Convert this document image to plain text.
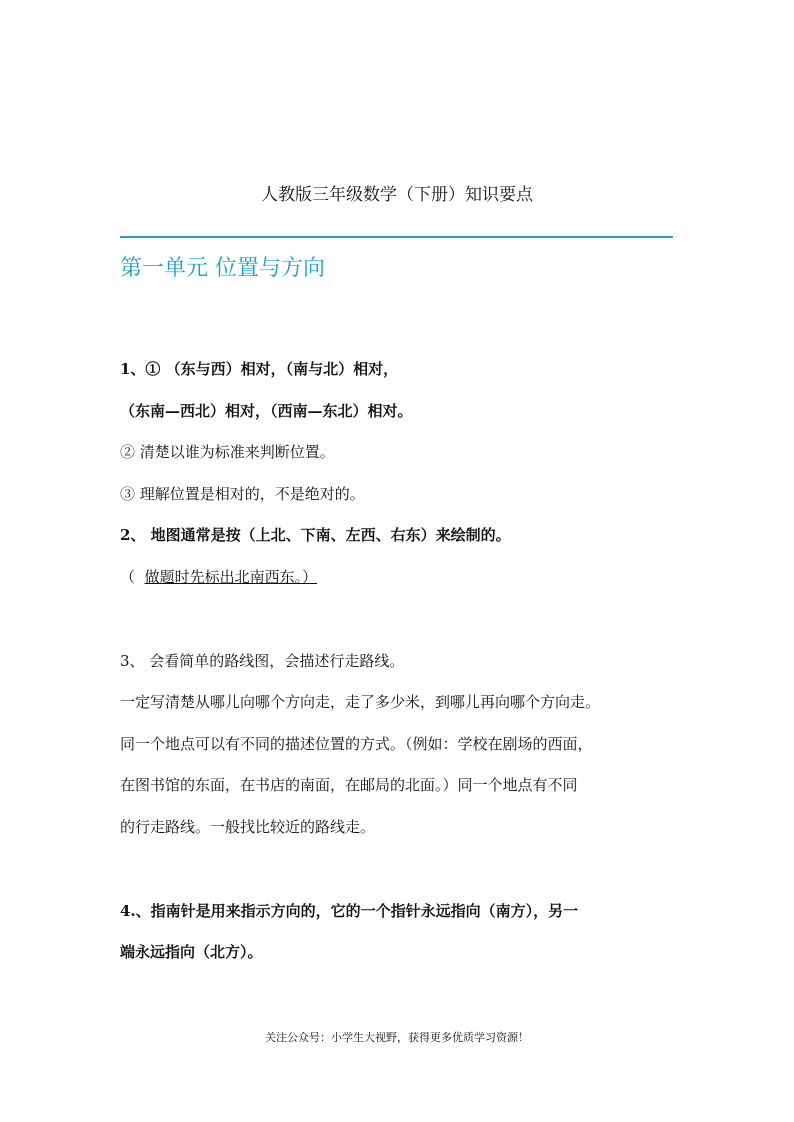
人教版三年级数学（下册）知识要点
第一单元 位置与方向
1、① （东与西）相对，（南与北）相对，
（东南—西北）相对，（西南—东北）相对。
② 清楚以谁为标准来判断位置。
③ 理解位置是相对的，不是绝对的。
2、 地图通常是按（上北、下南、左西、右东）来绘制的。
（ 做题时先标出北南西东。）
3、 会看简单的路线图，会描述行走路线。
一定写清楚从哪儿向哪个方向走，走了多少米，到哪儿再向哪个方向走。
同一个地点可以有不同的描述位置的方式。（例如：学校在剧场的西面，
在图书馆的东面，在书店的南面，在邮局的北面。）同一个地点有不同
的行走路线。一般找比较近的路线走。
4.、指南针是用来指示方向的，它的一个指针永远指向（南方），另一
端永远指向（北方）。
关注公众号：小学生大视野，获得更多优质学习资源！
